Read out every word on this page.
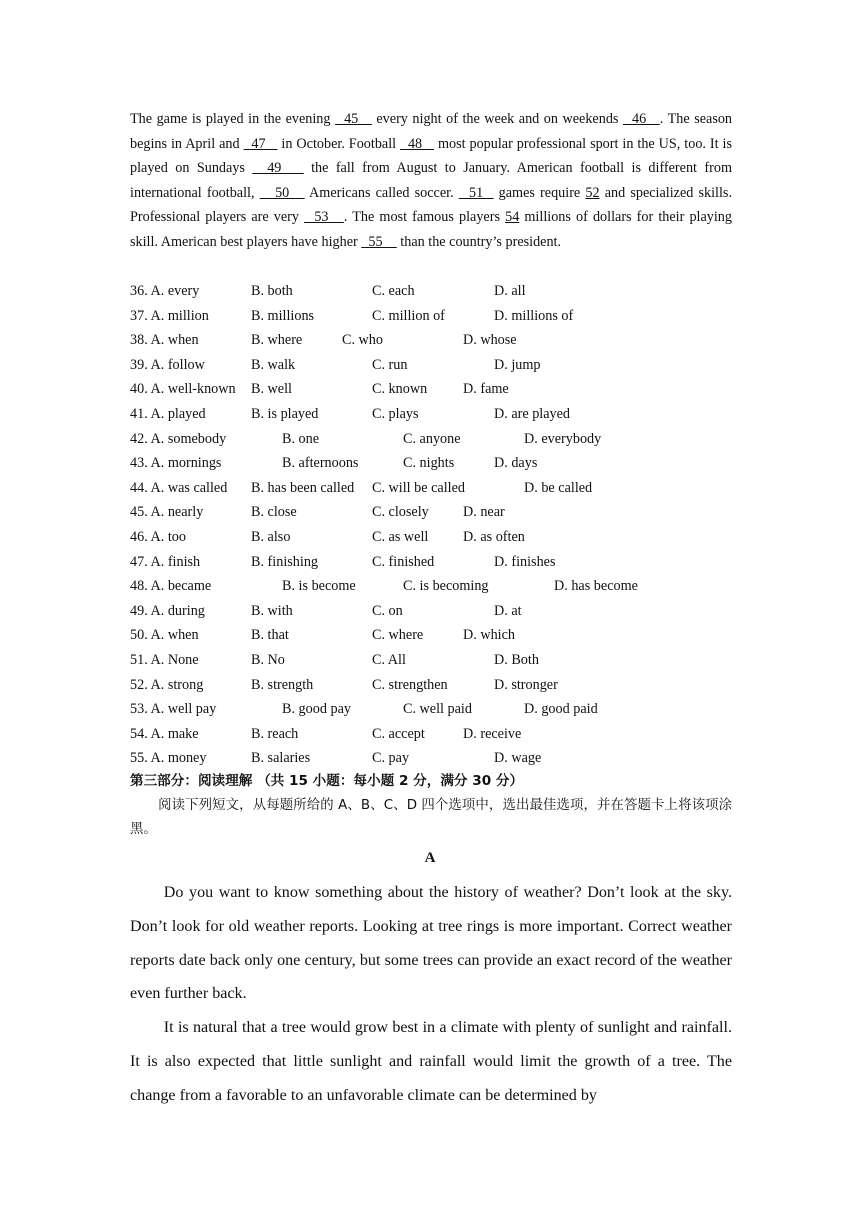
The game is played in the evening   45    every night of the week and on weekends   46   . The season begins in April and   47    in October. Football   48    most popular professional sport in the US, too. It is played on Sundays   49    the fall from August to January. American football is different from international football,    50    Americans called soccer.   51   games require 52 and specialized skills. Professional players are very   53   . The most famous players 54 millions of dollars for their playing skill. American best players have higher   55     than the country’s president.
36. A. every	B. both	C. each	D. all
37. A. million	B. millions	C. million of	D. millions of
38. A. when	B. where	C. who	D. whose
39. A. follow	B. walk	C. run	D. jump
40. A. well-known B. well	C. known	D. fame
41. A. played	B. is played	C. plays	D. are played
42. A. somebody	B. one	C. anyone	D. everybody
43. A. mornings	B. afternoons	C. nights	D. days
44. A. was called B. has been called C. will be called	D. be called
45. A. nearly	B. close	C. closely D. near
46. A. too	B. also	C. as well D. as often
47. A. finish	B. finishing	C. finished	D. finishes
48. A. became	B. is become	C. is becoming	D. has become
49. A. during	B. with	C. on	D. at
50. A. when	B. that	C. where	D. which
51. A. None	B. No	C. All	D. Both
52. A. strong	B. strength	C. strengthen	D. stronger
53. A. well pay	B. good pay	C. well paid	D. good paid
54. A. make	B. reach	C. accept	D. receive
55. A. money	B. salaries	C. pay	D. wage
第三部分：阅读理解 （共 15 小题：每小题 2 分，满分 30 分）
阅读下列短文，从每题所给的 A、B、C、D 四个选项中，选出最佳选项，并在答题卡上将该项涂黑。
A

Do you want to know something about the history of weather? Don’t look at the sky. Don’t look for old weather reports. Looking at tree rings is more important. Correct weather reports date back only one century, but some trees can provide an exact record of the weather even further back.

It is natural that a tree would grow best in a climate with plenty of sunlight and rainfall. It is also expected that little sunlight and rainfall would limit the growth of a tree. The change from a favorable to an unfavorable climate can be determined by
